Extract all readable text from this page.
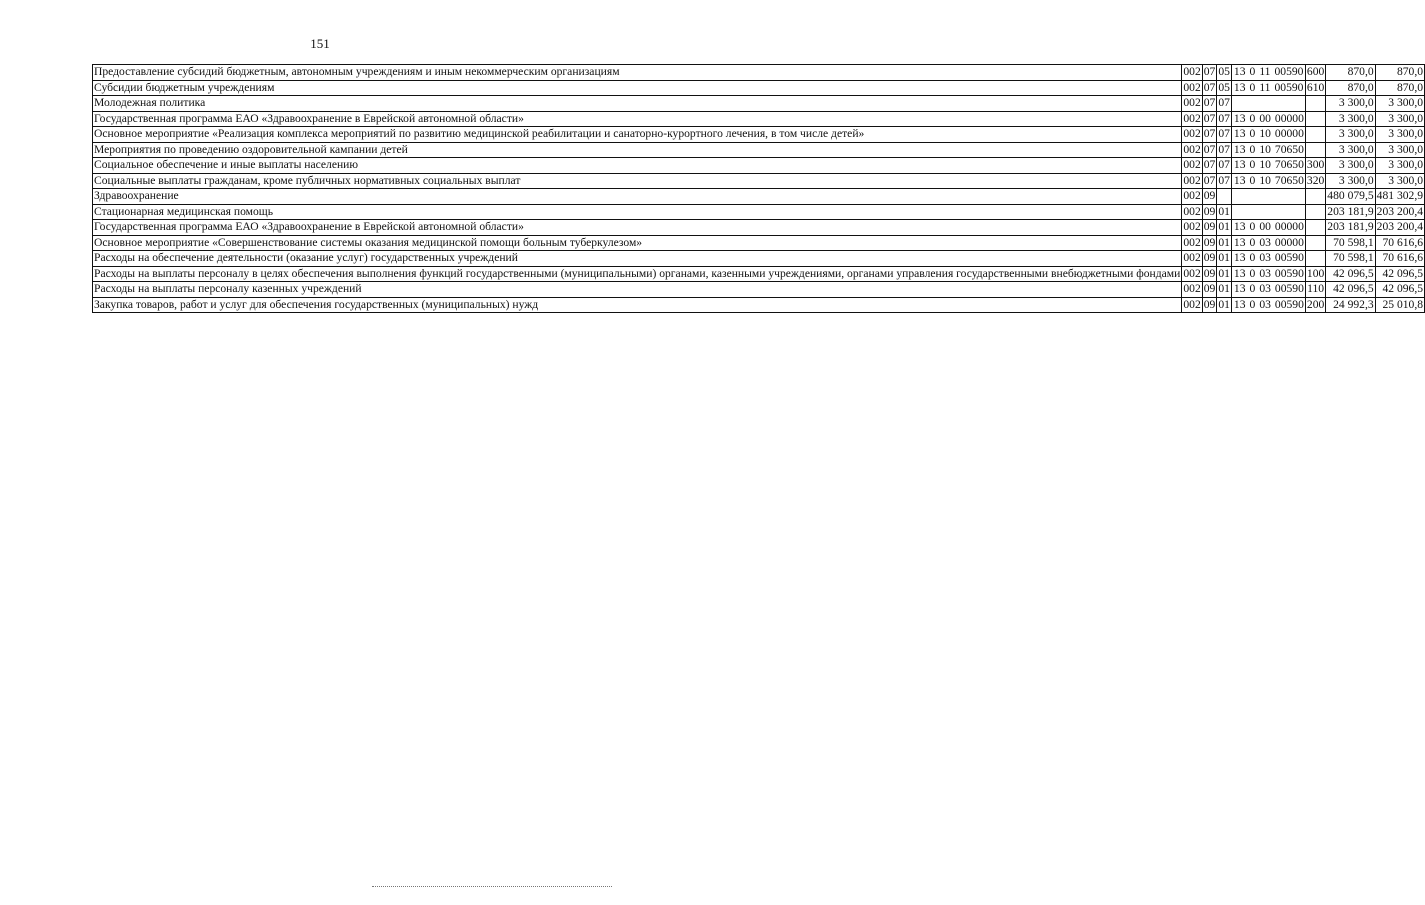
151
Предоставление субсидий бюджетным, автономным учреждениям и иным некоммерческим организациям	002	07	05	13 0 11 00590	600	870,0	870,0
Субсидии бюджетным учреждениям	002	07	05	13 0 11 00590	610	870,0	870,0
Молодежная политика	002	07	07			3 300,0	3 300,0
Государственная программа ЕАО «Здравоохранение в Еврейской автономной области»	002	07	07	13 0 00 00000		3 300,0	3 300,0
Основное мероприятие «Реализация комплекса мероприятий по развитию медицинской реабилитации и санаторно-курортного лечения, в том числе детей»	002	07	07	13 0 10 00000		3 300,0	3 300,0
Мероприятия по проведению оздоровительной кампании детей	002	07	07	13 0 10 70650		3 300,0	3 300,0
Социальное обеспечение и иные выплаты населению	002	07	07	13 0 10 70650	300	3 300,0	3 300,0
Социальные выплаты гражданам, кроме публичных нормативных социальных выплат	002	07	07	13 0 10 70650	320	3 300,0	3 300,0
Здравоохранение	002	09				480 079,5	481 302,9
Стационарная медицинская помощь	002	09	01			203 181,9	203 200,4
Государственная программа ЕАО «Здравоохранение в Еврейской автономной области»	002	09	01	13 0 00 00000		203 181,9	203 200,4
Основное мероприятие «Совершенствование системы оказания медицинской помощи больным туберкулезом»	002	09	01	13 0 03 00000		70 598,1	70 616,6
Расходы на обеспечение деятельности (оказание услуг) государственных учреждений	002	09	01	13 0 03 00590		70 598,1	70 616,6
Расходы на выплаты персоналу в целях обеспечения выполнения функций государственными (муниципальными) органами, казенными учреждениями, органами управления государственными внебюджетными фондами	002	09	01	13 0 03 00590	100	42 096,5	42 096,5
Расходы на выплаты персоналу казенных учреждений	002	09	01	13 0 03 00590	110	42 096,5	42 096,5
Закупка товаров, работ и услуг для обеспечения государственных (муниципальных) нужд	002	09	01	13 0 03 00590	200	24 992,3	25 010,8
